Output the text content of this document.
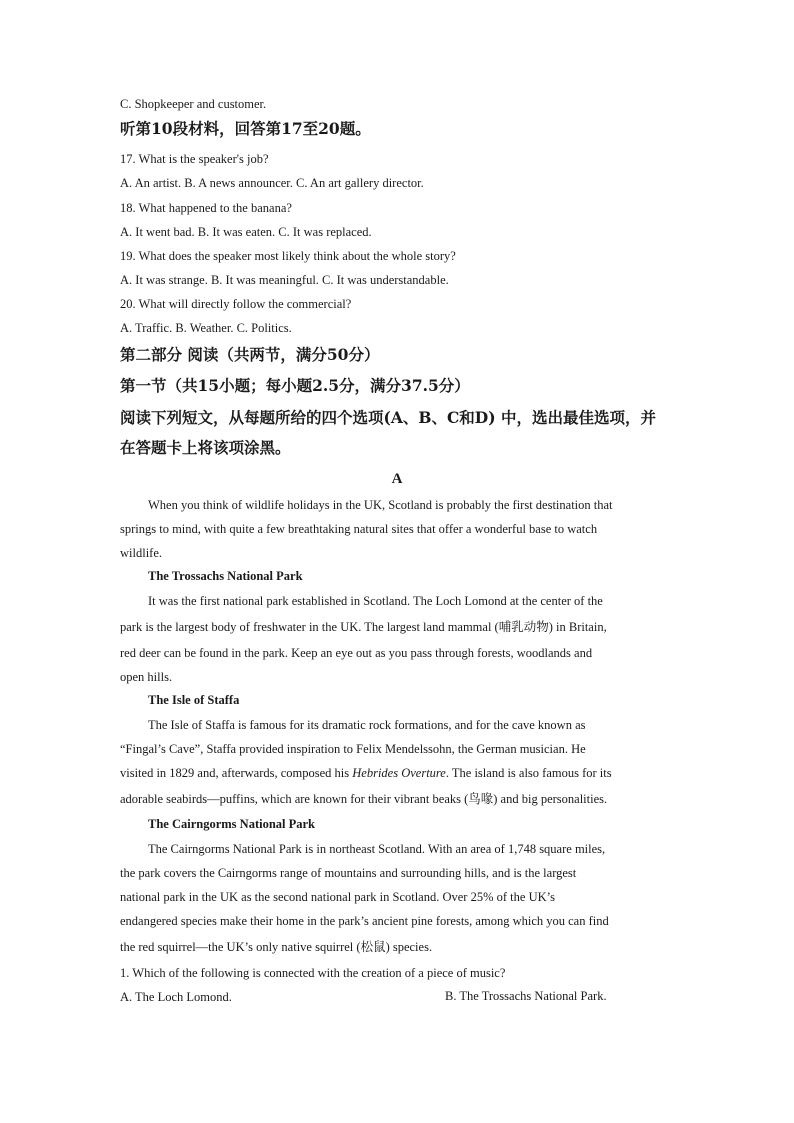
C. Shopkeeper and customer.
听第10段材料，回答第17至20题。
17. What is the speaker's job?
A. An artist. B. A news announcer. C. An art gallery director.
18. What happened to the banana?
A. It went bad. B. It was eaten. C. It was replaced.
19. What does the speaker most likely think about the whole story?
A. It was strange. B. It was meaningful. C. It was understandable.
20. What will directly follow the commercial?
A. Traffic. B. Weather. C. Politics.
第二部分 阅读（共两节，满分50分）
第一节（共15小题；每小题2.5分，满分37.5分）
阅读下列短文，从每题所给的四个选项(A、B、C和D) 中，选出最佳选项，并
在答题卡上将该项涂黑。
A
When you think of wildlife holidays in the UK, Scotland is probably the first destination that
springs to mind, with quite a few breathtaking natural sites that offer a wonderful base to watch
wildlife.
The Trossachs National Park
It was the first national park established in Scotland. The Loch Lomond at the center of the
park is the largest body of freshwater in the UK. The largest land mammal (哺乳动物) in Britain,
red deer can be found in the park. Keep an eye out as you pass through forests, woodlands and
open hills.
The Isle of Staffa
The Isle of Staffa is famous for its dramatic rock formations, and for the cave known as
“Fingal’s Cave”, Staffa provided inspiration to Felix Mendelssohn, the German musician. He
visited in 1829 and, afterwards, composed his Hebrides Overture. The island is also famous for its
adorable seabirds—puffins, which are known for their vibrant beaks (鸟喙) and big personalities.
The Cairngorms National Park
The Cairngorms National Park is in northeast Scotland. With an area of 1,748 square miles,
the park covers the Cairngorms range of mountains and surrounding hills, and is the largest
national park in the UK as the second national park in Scotland. Over 25% of the UK’s
endangered species make their home in the park’s ancient pine forests, among which you can find
the red squirrel—the UK’s only native squirrel (松鼠) species.
1. Which of the following is connected with the creation of a piece of music?
A. The Loch Lomond.	B. The Trossachs National Park.
